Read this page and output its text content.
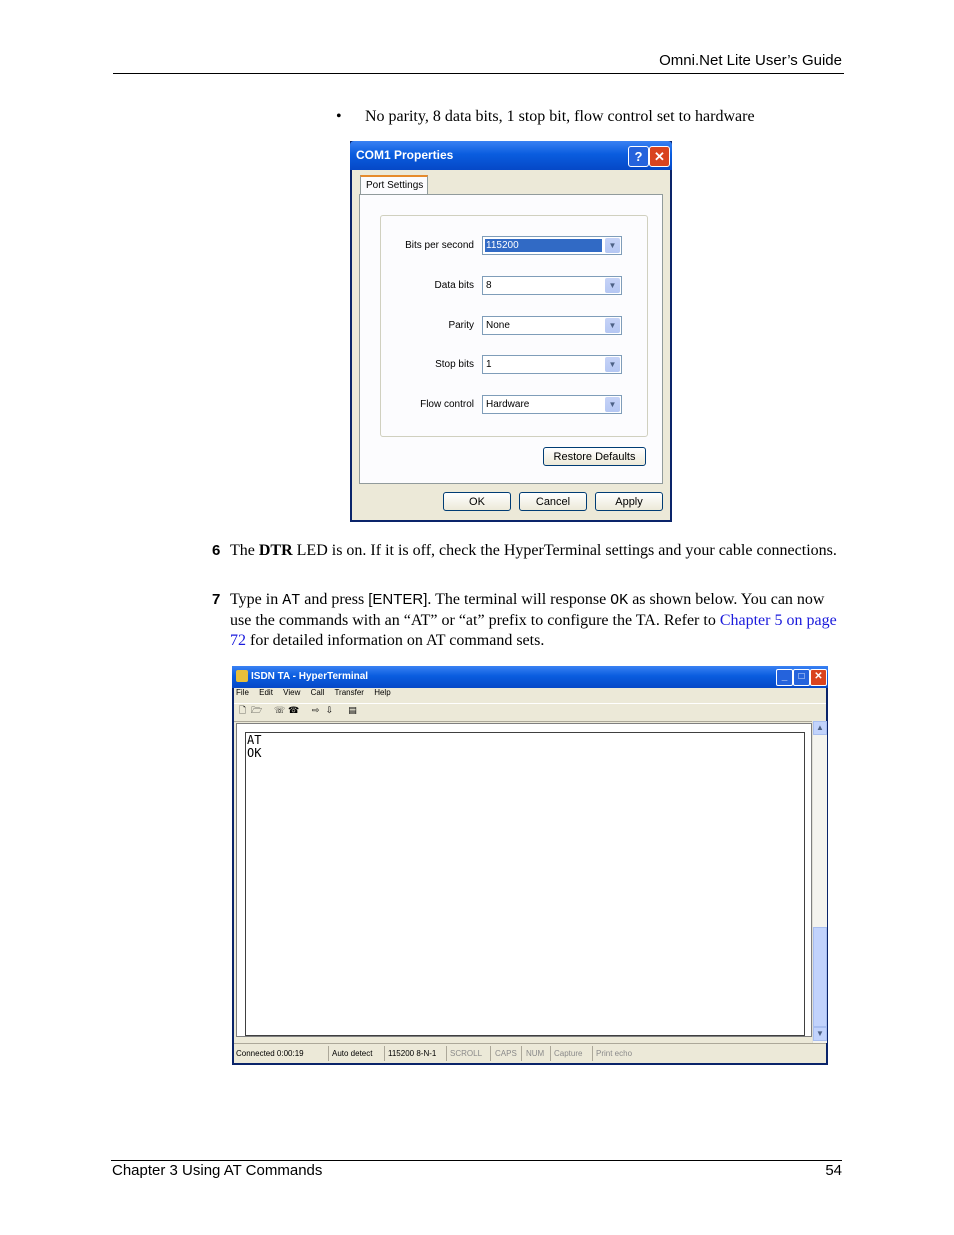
Omni.Net Lite User’s Guide
• No parity, 8 data bits, 1 stop bit, flow control set to hardware
COM1 Properties	? ✕
Port Settings
Bits per second 115200	▼
Data bits 8	▼
Parity None	▼
Stop bits 1	▼
Flow control Hardware	▼
Restore Defaults
OK	Cancel	Apply
6 The DTR LED is on. If it is off, check the HyperTerminal settings and your cable connections.
7 Type in AT and press [ENTER]. The terminal will response OK as shown below. You can now use the commands with an “AT” or “at” prefix to configure the TA. Refer to Chapter 5 on page 72 for detailed information on AT command sets.
ISDN TA - HyperTerminal	_	□ ✕
File Edit View Call Transfer Help
🗋 🗁 ☏ ☎ ⇨ ⇩ ▤
AT
OK
▲
▼
Connected 0:00:19	Auto detect 115200 8-N-1 SCROLL CAPS NUM Capture Print echo
Chapter 3 Using AT Commands	54
